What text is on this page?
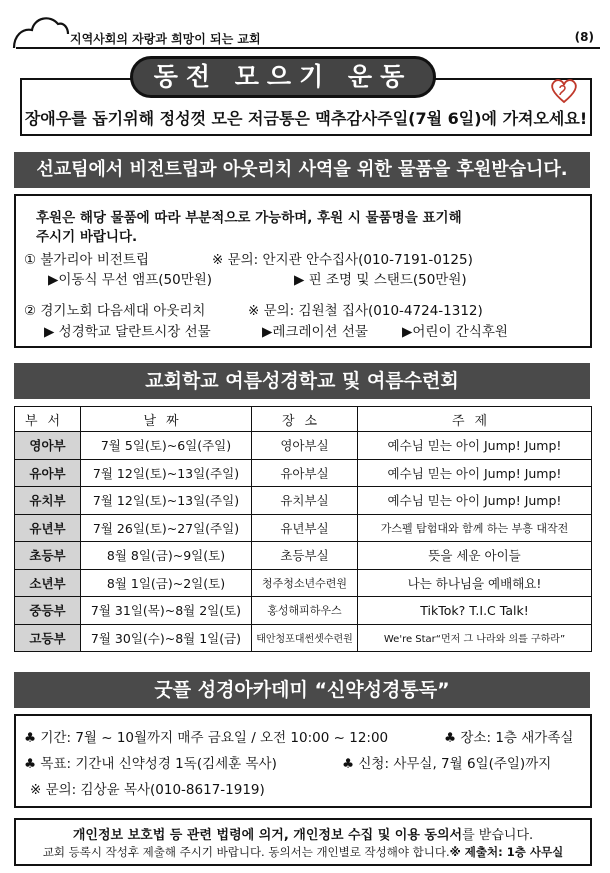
지역사회의 자랑과 희망이 되는 교회	(8)
장애우를 돕기위해 정성껏 모은 저금통은 맥추감사주일(7월 6일)에 가져오세요!
동전 모으기 운동
선교팀에서 비전트립과 아웃리치 사역을 위한 물품을 후원받습니다.
후원은 해당 물품에 따라 부분적으로 가능하며, 후원 시 물품명을 표기해
주시기 바랍니다.
① 불가리아 비전트립	※ 문의: 안지관 안수집사(010-7191-0125)
▶이동식 무선 앰프(50만원)	▶ 핀 조명 및 스탠드(50만원)
② 경기노회 다음세대 아웃리치	※ 문의: 김원철 집사(010-4724-1312)
▶ 성경학교 달란트시장 선물	▶레크레이션 선물	▶어린이 간식후원
교회학교 여름성경학교 및 여름수련회
부서	날짜	장소	주제
영아부	7월 5일(토)~6일(주일)	영아부실	예수님 믿는 아이 Jump! Jump!
유아부	7월 12일(토)~13일(주일)	유아부실	예수님 믿는 아이 Jump! Jump!
유치부	7월 12일(토)~13일(주일)	유치부실	예수님 믿는 아이 Jump! Jump!
유년부	7월 26일(토)~27일(주일)	유년부실	가스펠 탐험대와 함께 하는 부흥 대작전
초등부	8월 8일(금)~9일(토)	초등부실	뜻을 세운 아이들
소년부	8월 1일(금)~2일(토)	청주청소년수련원	나는 하나님을 예배해요!
중등부	7월 31일(목)~8월 2일(토)	홍성해피하우스	TikTok? T.I.C Talk!
고등부	7월 30일(수)~8월 1일(금)	태안청포대썬셋수련원	We're Star“먼저 그 나라와 의를 구하라”
굿플 성경아카데미 “신약성경통독”
♣ 기간: 7월 ~ 10월까지 매주 금요일 / 오전 10:00 ~ 12:00	♣ 장소: 1층 새가족실
♣ 목표: 기간내 신약성경 1독(김세훈 목사)	♣ 신청: 사무실, 7월 6일(주일)까지
※ 문의: 김상윤 목사(010-8617-1919)
개인정보 보호법 등 관련 법령에 의거, 개인정보 수집 및 이용 동의서를 받습니다.
교회 등록시 작성후 제출해 주시기 바랍니다. 동의서는 개인별로 작성해야 합니다.※ 제출처: 1층 사무실
